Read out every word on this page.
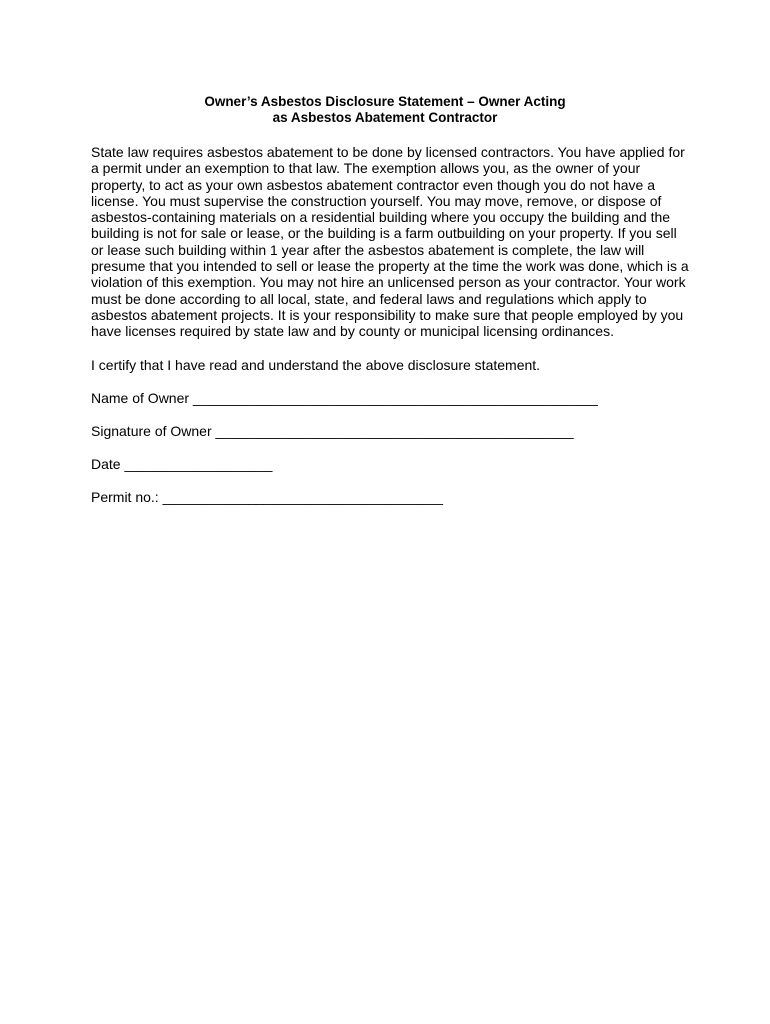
Owner’s Asbestos Disclosure Statement – Owner Acting
as Asbestos Abatement Contractor

State law requires asbestos abatement to be done by licensed contractors. You have applied for a permit under an exemption to that law. The exemption allows you, as the owner of your property, to act as your own asbestos abatement contractor even though you do not have a license. You must supervise the construction yourself. You may move, remove, or dispose of asbestos-containing materials on a residential building where you occupy the building and the building is not for sale or lease, or the building is a farm outbuilding on your property. If you sell or lease such building within 1 year after the asbestos abatement is complete, the law will presume that you intended to sell or lease the property at the time the work was done, which is a violation of this exemption. You may not hire an unlicensed person as your contractor. Your work must be done according to all local, state, and federal laws and regulations which apply to asbestos abatement projects. It is your responsibility to make sure that people employed by you have licenses required by state law and by county or municipal licensing ordinances.

I certify that I have read and understand the above disclosure statement.

Name of Owner ____________________________________________________

Signature of Owner ______________________________________________

Date ___________________

Permit no.: ____________________________________
